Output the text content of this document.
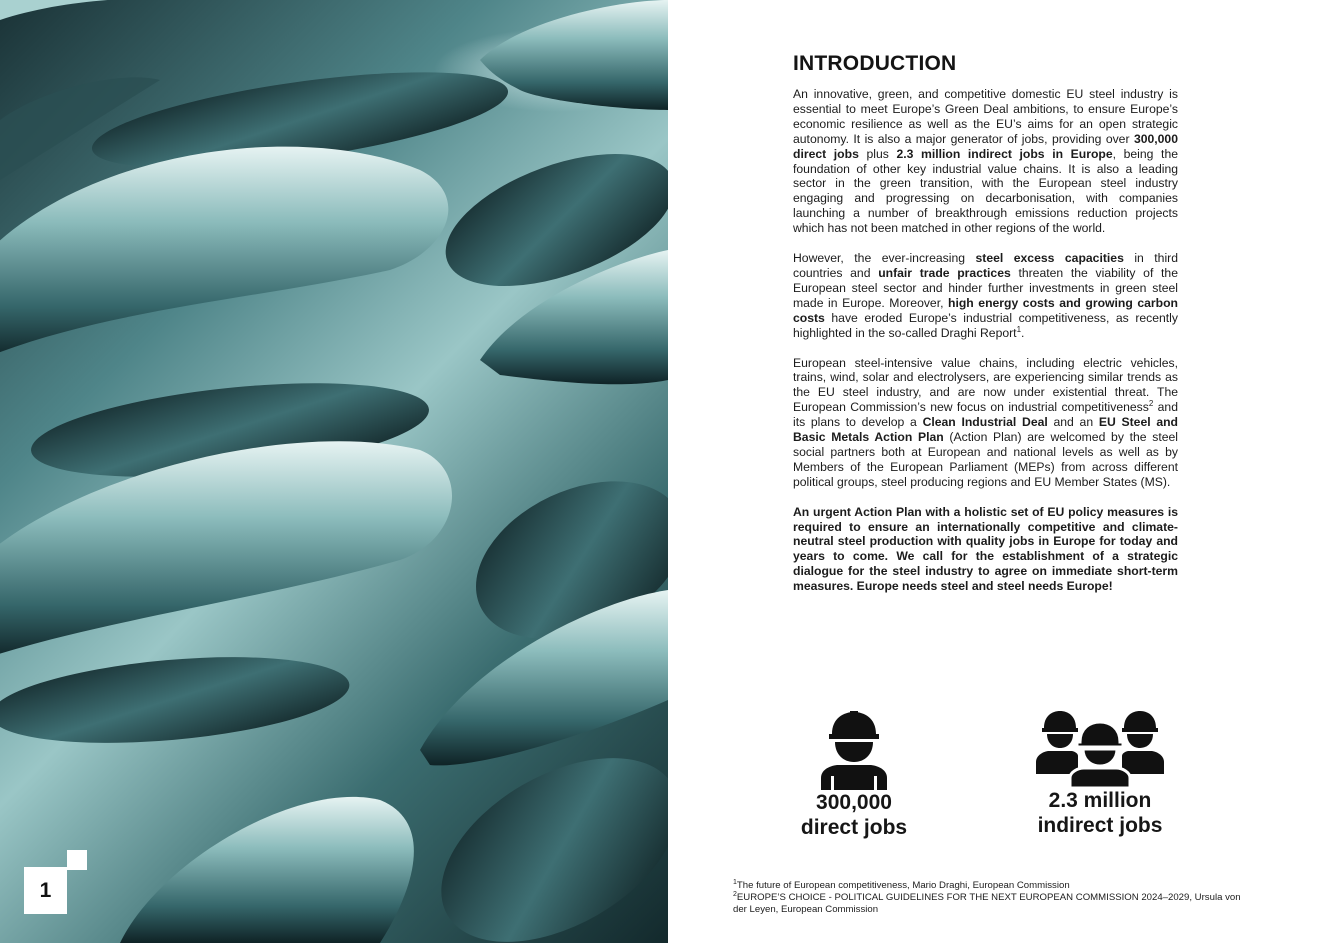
1
INTRODUCTION

An innovative, green, and competitive domestic EU steel industry is essential to meet Europe’s Green Deal ambitions, to ensure Europe’s economic resilience as well as the EU’s aims for an open strategic autonomy. It is also a major generator of jobs, providing over 300,000 direct jobs plus 2.3 million indirect jobs in Europe, being the foundation of other key industrial value chains. It is also a leading sector in the green transition, with the European steel industry engaging and progressing on decarbonisation, with companies launching a number of breakthrough emissions reduction projects which has not been matched in other regions of the world.

However, the ever-increasing steel excess capacities in third countries and unfair trade practices threaten the viability of the European steel sector and hinder further investments in green steel made in Europe. Moreover, high energy costs and growing carbon costs have eroded Europe’s industrial competitiveness, as recently highlighted in the so-called Draghi Report$^1$.

European steel-intensive value chains, including electric vehicles, trains, wind, solar and electrolysers, are experiencing similar trends as the EU steel industry, and are now under existential threat. The European Commission’s new focus on industrial competitiveness$^2$ and its plans to develop a Clean Industrial Deal and an EU Steel and Basic Metals Action Plan (Action Plan) are welcomed by the steel social partners both at European and national levels as well as by Members of the European Parliament (MEPs) from across different political groups, steel producing regions and EU Member States (MS).

An urgent Action Plan with a holistic set of EU policy measures is required to ensure an internationally competitive and climate-neutral steel production with quality jobs in Europe for today and years to come. We call for the establishment of a strategic dialogue for the steel industry to agree on immediate short-term measures. Europe needs steel and steel needs Europe!

300,000
direct jobs
2.3 million
indirect jobs
$^1$The future of European competitiveness, Mario Draghi, European Commission
$^2$EUROPE’S CHOICE - POLITICAL GUIDELINES FOR THE NEXT EUROPEAN COMMISSION 2024–2029, Ursula von der Leyen, European Commission
